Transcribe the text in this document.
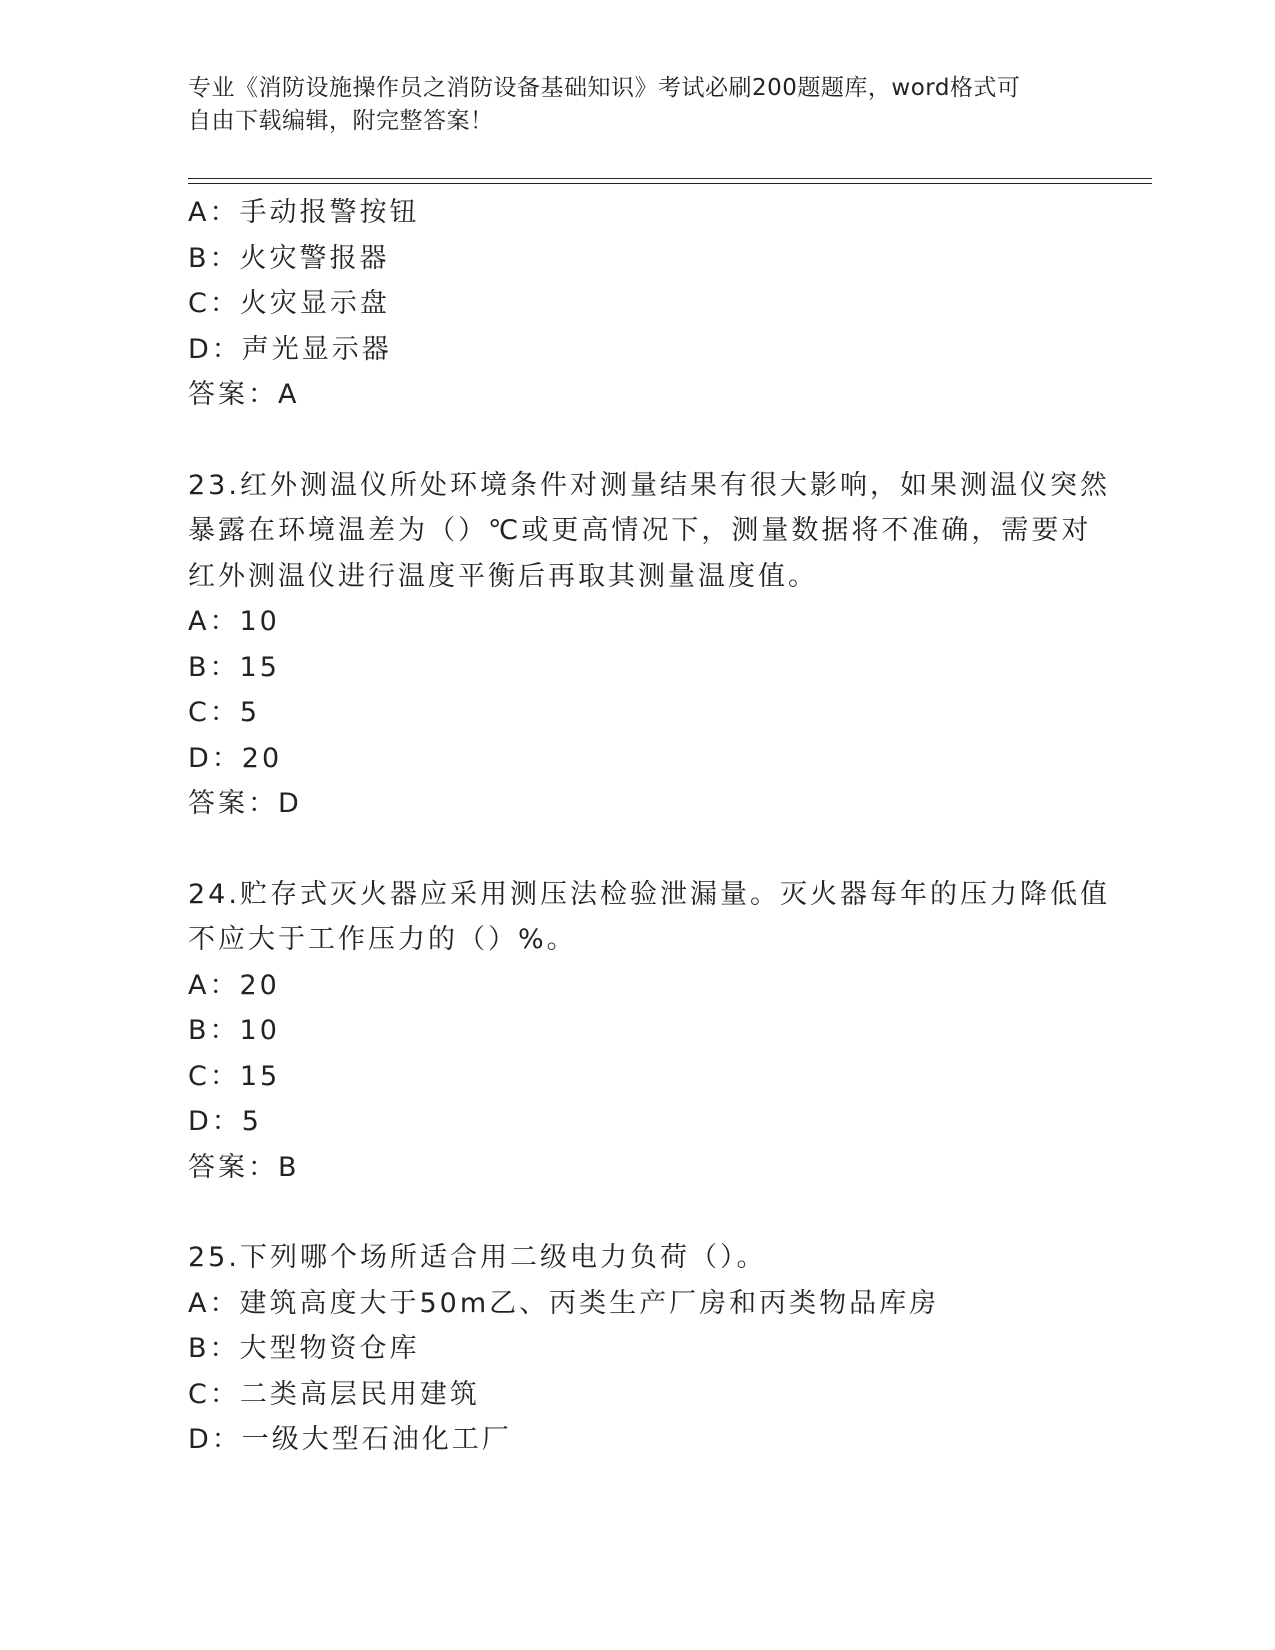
专业《消防设施操作员之消防设备基础知识》考试必刷200题题库，word格式可
自由下载编辑，附完整答案！
A：手动报警按钮
B：火灾警报器
C：火灾显示盘
D：声光显示器
答案：A
23.红外测温仪所处环境条件对测量结果有很大影响，如果测温仪突然
暴露在环境温差为（）℃或更高情况下，测量数据将不准确，需要对
红外测温仪进行温度平衡后再取其测量温度值。
A：10
B：15
C：5
D：20
答案：D
24.贮存式灭火器应采用测压法检验泄漏量。灭火器每年的压力降低值
不应大于工作压力的（）%。
A：20
B：10
C：15
D：5
答案：B
25.下列哪个场所适合用二级电力负荷（）。
A：建筑高度大于50m乙、丙类生产厂房和丙类物品库房
B：大型物资仓库
C：二类高层民用建筑
D：一级大型石油化工厂
